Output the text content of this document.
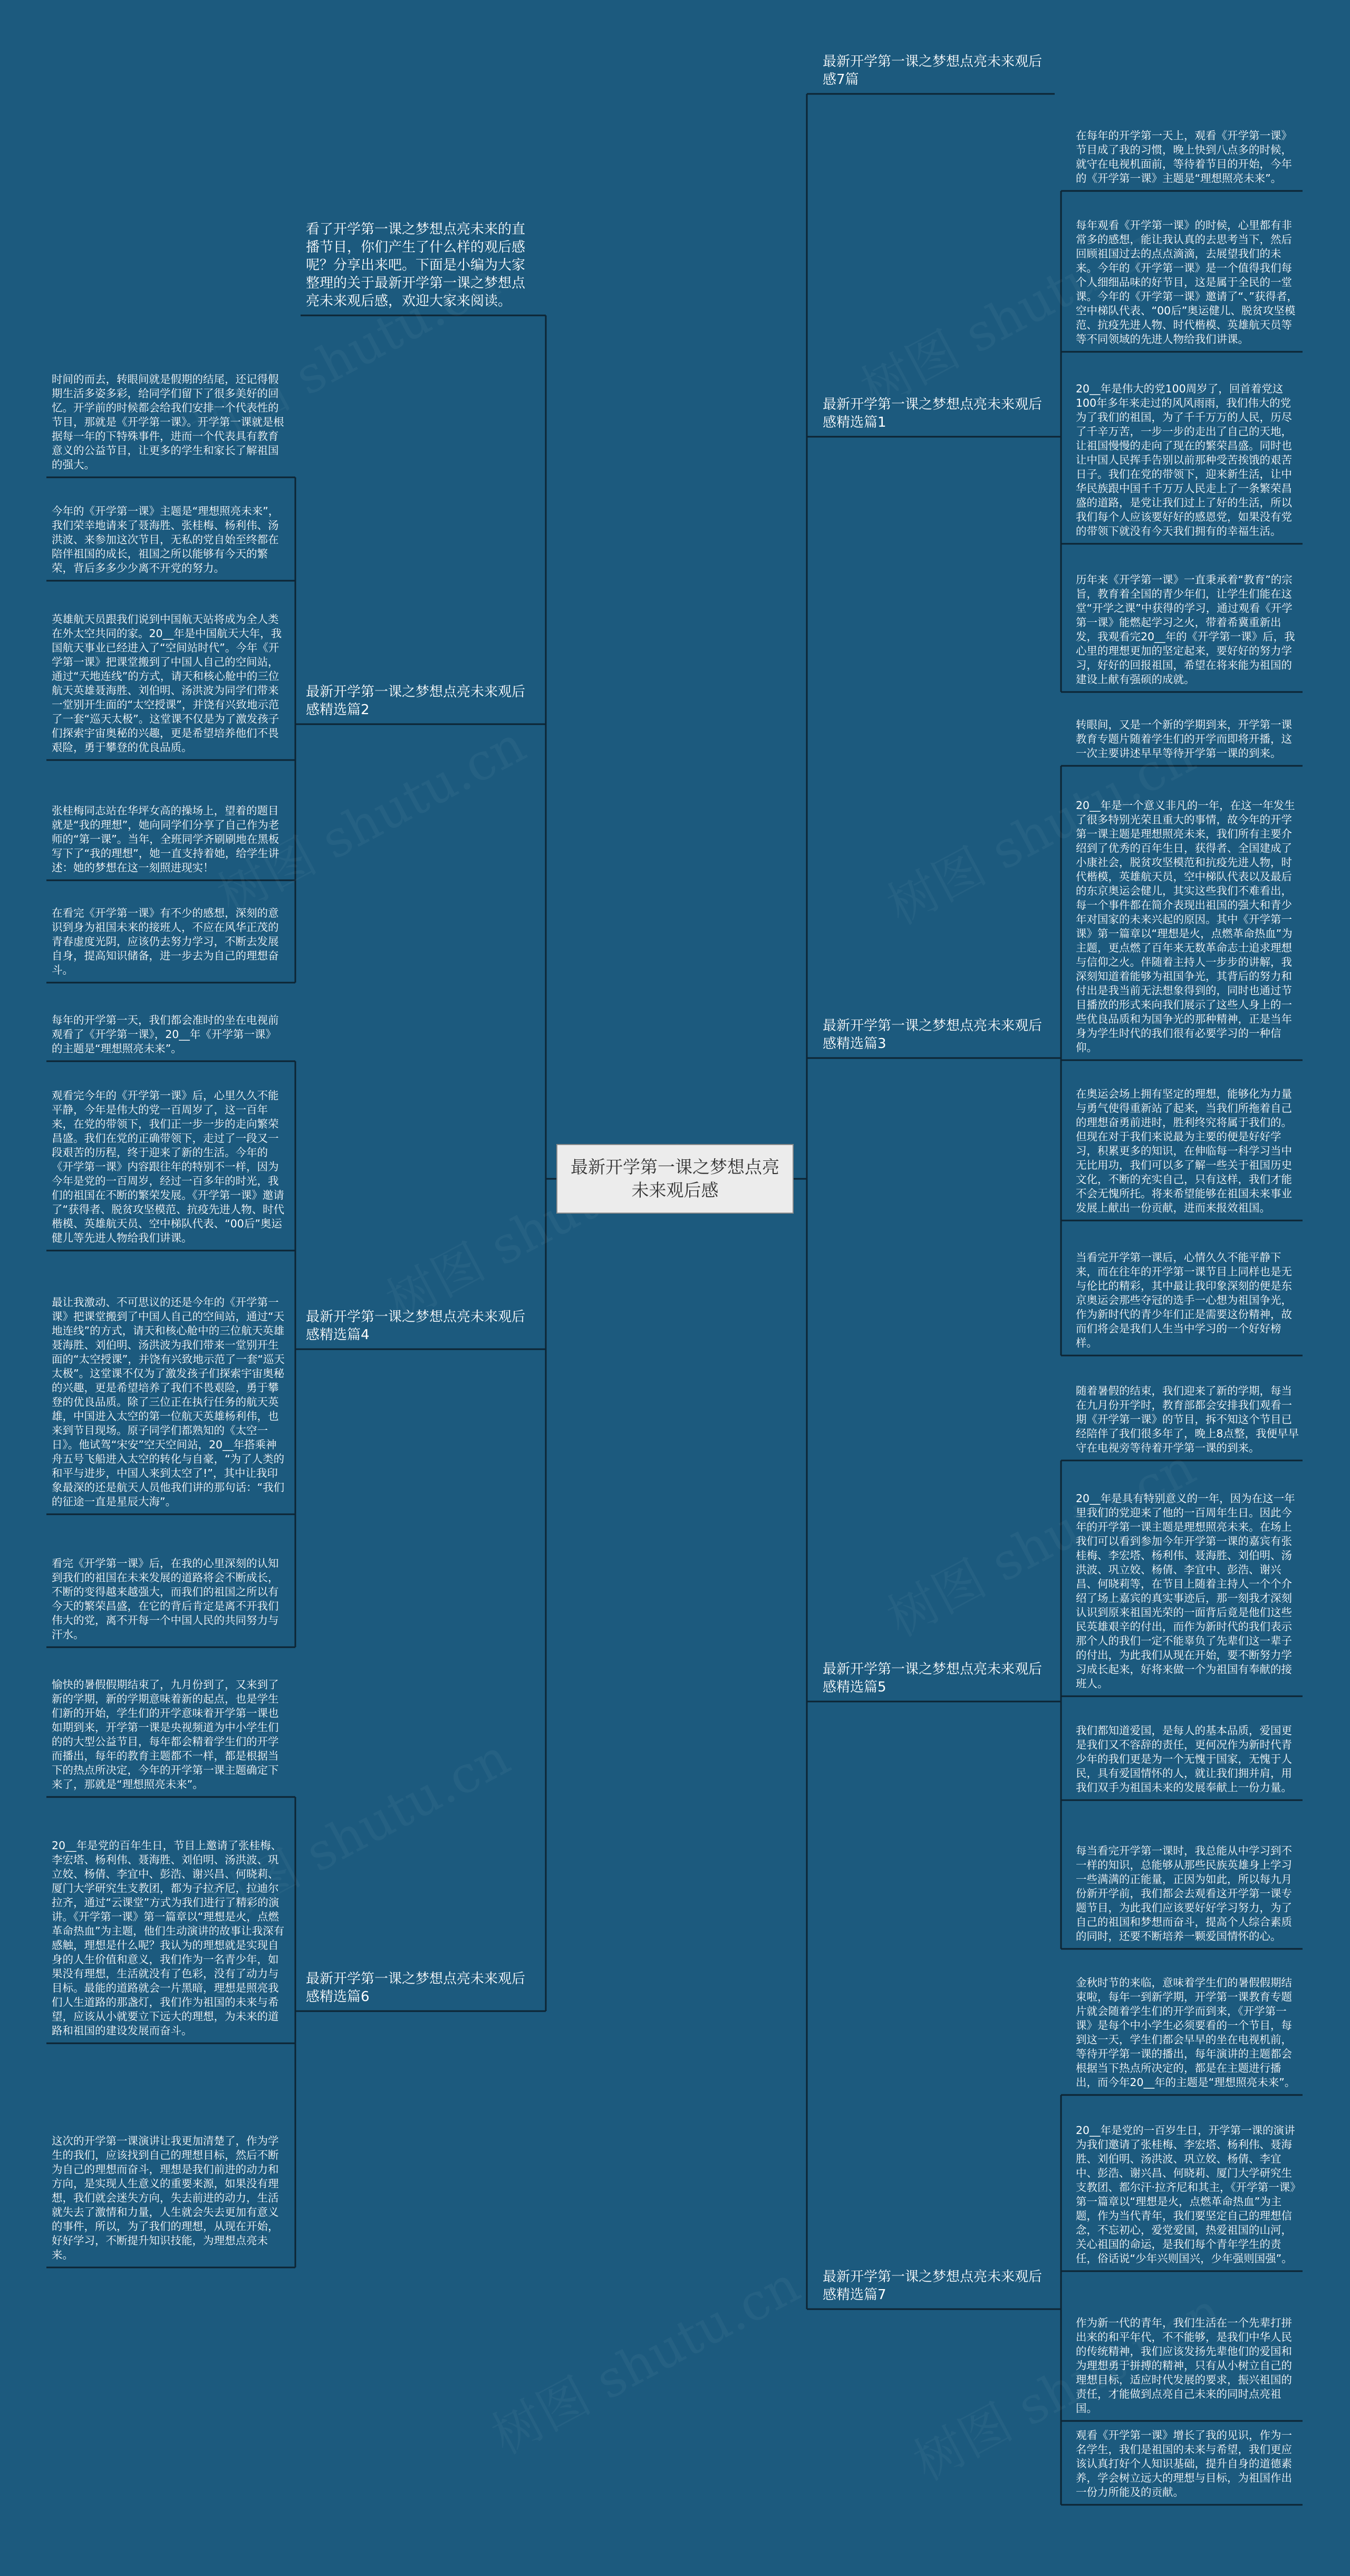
最新开学第一课之梦想点亮未来观后感
看了开学第一课之梦想点亮未来的直播节目，你们产生了什么样的观后感呢？分享出来吧。下面是小编为大家整理的关于最新开学第一课之梦想点亮未来观后感，欢迎大家来阅读。
最新开学第一课之梦想点亮未来观后感精选篇2
时间的而去，转眼间就是假期的结尾，还记得假期生活多姿多彩，给同学们留下了很多美好的回忆。开学前的时候都会给我们安排一个代表性的节目，那就是《开学第一课》。开学第一课就是根据每一年的下特殊事件，进而一个代表具有教育意义的公益节目，让更多的学生和家长了解祖国的强大。
今年的《开学第一课》主题是“理想照亮未来”，我们荣幸地请来了聂海胜、张桂梅、杨利伟、汤洪波、来参加这次节目，无私的党自始至终都在陪伴祖国的成长，祖国之所以能够有今天的繁荣，背后多多少少离不开党的努力。
英雄航天员跟我们说到中国航天站将成为全人类在外太空共同的家。20__年是中国航天大年，我国航天事业已经进入了“空间站时代”。今年《开学第一课》把课堂搬到了中国人自己的空间站，通过“天地连线”的方式，请天和核心舱中的三位航天英雄聂海胜、刘伯明、汤洪波为同学们带来一堂别开生面的“太空授课”，并饶有兴致地示范了一套“巡天太极”。这堂课不仅是为了激发孩子们探索宇宙奥秘的兴趣，更是希望培养他们不畏艰险，勇于攀登的优良品质。
张桂梅同志站在华坪女高的操场上，望着的题目就是“我的理想”，她向同学们分享了自己作为老师的“第一课”。当年，全班同学齐刷刷地在黑板写下了“我的理想”，她一直支持着她，给学生讲述：她的梦想在这一刻照进现实！
在看完《开学第一课》有不少的感想，深刻的意识到身为祖国未来的接班人，不应在风华正茂的青春虚度光阴，应该仍去努力学习，不断去发展自身，提高知识储备，进一步去为自己的理想奋斗。
最新开学第一课之梦想点亮未来观后感精选篇4
每年的开学第一天，我们都会准时的坐在电视前观看了《开学第一课》，20__年《开学第一课》的主题是“理想照亮未来”。
观看完今年的《开学第一课》后，心里久久不能平静，今年是伟大的党一百周岁了，这一百年来，在党的带领下，我们正一步一步的走向繁荣昌盛。我们在党的正确带领下，走过了一段又一段艰苦的历程，终于迎来了新的生活。今年的《开学第一课》内容跟往年的特别不一样，因为今年是党的一百周岁，经过一百多年的时光，我们的祖国在不断的繁荣发展。《开学第一课》邀请了“获得者、脱贫攻坚模范、抗疫先进人物、时代楷模、英雄航天员、空中梯队代表、“00后”奥运健儿等先进人物给我们讲课。
最让我激动、不可思议的还是今年的《开学第一课》把课堂搬到了中国人自己的空间站，通过“天地连线”的方式，请天和核心舱中的三位航天英雄聂海胜、刘伯明、汤洪波为我们带来一堂别开生面的“太空授课”，并饶有兴致地示范了一套“巡天太极”。这堂课不仅为了激发孩子们探索宇宙奥秘的兴趣，更是希望培养了我们不畏艰险，勇于攀登的优良品质。除了三位正在执行任务的航天英雄，中国进入太空的第一位航天英雄杨利伟，也来到节目现场。原子同学们都熟知的《太空一日》。他试驾“宋安”空天空间站，20__年搭乘神舟五号飞船进入太空的转化与自豪，“为了人类的和平与进步，中国人来到太空了!”，其中让我印象最深的还是航天人员他我们讲的那句话：“我们的征途一直是星辰大海”。
看完《开学第一课》后，在我的心里深刻的认知到我们的祖国在未来发展的道路将会不断成长，不断的变得越来越强大，而我们的祖国之所以有今天的繁荣昌盛，在它的背后肯定是离不开我们伟大的党，离不开每一个中国人民的共同努力与汗水。
最新开学第一课之梦想点亮未来观后感精选篇6
愉快的暑假假期结束了，九月份到了，又来到了新的学期，新的学期意味着新的起点，也是学生们新的开始，学生们的开学意味着开学第一课也如期到来，开学第一课是央视频道为中小学生们的的大型公益节目，每年都会精着学生们的开学而播出，每年的教育主题都不一样，都是根据当下的热点所决定，今年的开学第一课主题确定下来了，那就是“理想照亮未来”。
20__年是党的百年生日，节目上邀请了张桂梅、李宏塔、杨利伟、聂海胜、刘伯明、汤洪波、巩立姣、杨倩、李宜中、彭浩、谢兴昌、何晓莉、厦门大学研究生支教团，都为子拉齐尼，拉迪尔拉齐，通过“云课堂”方式为我们进行了精彩的演讲。《开学第一课》第一篇章以“理想是火，点燃革命热血”为主题，他们生动演讲的故事让我深有感触，理想是什么呢？我认为的理想就是实现自身的人生价值和意义，我们作为一名青少年，如果没有理想，生活就没有了色彩，没有了动力与目标。最能的道路就会一片黑暗，理想是照亮我们人生道路的那盏灯，我们作为祖国的未来与希望，应该从小就要立下远大的理想，为未来的道路和祖国的建设发展而奋斗。
这次的开学第一课演讲让我更加清楚了，作为学生的我们，应该找到自己的理想目标，然后不断为自己的理想而奋斗，理想是我们前进的动力和方向，是实现人生意义的重要来源，如果没有理想，我们就会迷失方向，失去前进的动力，生活就失去了激情和力量，人生就会失去更加有意义的事件，所以，为了我们的理想，从现在开始，好好学习，不断提升知识技能，为理想点亮未来。
最新开学第一课之梦想点亮未来观后感7篇
最新开学第一课之梦想点亮未来观后感精选篇1
在每年的开学第一天上，观看《开学第一课》节目成了我的习惯，晚上快到八点多的时候，就守在电视机面前，等待着节目的开始，今年的《开学第一课》主题是“理想照亮未来”。
每年观看《开学第一课》的时候，心里都有非常多的感想，能让我认真的去思考当下，然后回顾祖国过去的点点滴滴，去展望我们的未来。今年的《开学第一课》是一个值得我们每个人细细品味的好节目，这是属于全民的一堂课。今年的《开学第一课》邀请了“、”获得者，空中梯队代表、“00后”奥运健儿、脱贫攻坚模范、抗疫先进人物、时代楷模、英雄航天员等等不同领域的先进人物给我们讲课。
20__年是伟大的党100周岁了，回首着党这100年多年来走过的风风雨雨，我们伟大的党为了我们的祖国，为了千千万万的人民，历尽了千辛万苦，一步一步的走出了自己的天地，让祖国慢慢的走向了现在的繁荣昌盛。同时也让中国人民挥手告别以前那种受苦挨饿的艰苦日子。我们在党的带领下，迎来新生活，让中华民族跟中国千千万万人民走上了一条繁荣昌盛的道路，是党让我们过上了好的生活，所以我们每个人应该要好好的感恩党，如果没有党的带领下就没有今天我们拥有的幸福生活。
历年来《开学第一课》一直秉承着“教育”的宗旨，教育着全国的青少年们，让学生们能在这堂“开学之课”中获得的学习，通过观看《开学第一课》能燃起学习之火，带着希冀重新出发，我观看完20__年的《开学第一课》后，我心里的理想更加的坚定起来，要好好的努力学习，好好的回报祖国，希望在将来能为祖国的建设上献有强硕的成就。
最新开学第一课之梦想点亮未来观后感精选篇3
转眼间，又是一个新的学期到来，开学第一课教育专题片随着学生们的开学而即将开播，这一次主要讲述早早等待开学第一课的到来。
20__年是一个意义非凡的一年，在这一年发生了很多特别光荣且重大的事情，故今年的开学第一课主题是理想照亮未来，我们所有主要介绍到了优秀的百年生日，获得者、全国建成了小康社会，脱贫攻坚模范和抗疫先进人物，时代楷模，英雄航天员，空中梯队代表以及最后的东京奥运会健儿，其实这些我们不难看出，每一个事件都在简介表现出祖国的强大和青少年对国家的未来兴起的原因。其中《开学第一课》第一篇章以“理想是火，点燃革命热血”为主题，更点燃了百年来无数革命志士追求理想与信仰之火。伴随着主持人一步步的讲解，我深刻知道着能够为祖国争光，其背后的努力和付出是我当前无法想象得到的，同时也通过节目播放的形式来向我们展示了这些人身上的一些优良品质和为国争光的那种精神，正是当年身为学生时代的我们很有必要学习的一种信仰。
在奥运会场上拥有坚定的理想，能够化为力量与勇气使得重新站了起来，当我们所拖着自己的理想奋勇前进时，胜利终究将属于我们的。但现在对于我们来说最为主要的便是好好学习，积累更多的知识，在伸临每一科学习当中无比用功，我们可以多了解一些关于祖国历史文化，不断的充实自己，只有这样，我们才能不会无愧所托。将来希望能够在祖国未来事业发展上献出一份贡献，进而来报效祖国。
当看完开学第一课后，心情久久不能平静下来，而在往年的开学第一课节目上同样也是无与伦比的精彩，其中最让我印象深刻的便是东京奥运会那些夺冠的选手一心想为祖国争光，作为新时代的青少年们正是需要这份精神，故而们将会是我们人生当中学习的一个好好榜样。
最新开学第一课之梦想点亮未来观后感精选篇5
随着暑假的结束，我们迎来了新的学期，每当在九月份开学时，教育部都会安排我们观看一期《开学第一课》的节目，拆不知这个节目已经陪伴了我们很多年了，晚上8点整，我便早早守在电视旁等待着开学第一课的到来。
20__年是具有特别意义的一年，因为在这一年里我们的党迎来了他的一百周年生日。因此今年的开学第一课主题是理想照亮未来。在场上我们可以看到参加今年开学第一课的嘉宾有张桂梅、李宏塔、杨利伟、聂海胜、刘伯明、汤洪波、巩立姣、杨倩、李宜中、彭浩、谢兴昌、何晓莉等，在节目上随着主持人一个个介绍了场上嘉宾的真实事迹后，那一刻我才深刻认识到原来祖国光荣的一面背后竟是他们这些民英雄艰辛的付出，而作为新时代的我们表示那个人的我们一定不能辜负了先辈们这一辈子的付出，为此我们从现在开始，要不断努力学习成长起来，好将来做一个为祖国有奉献的接班人。
我们都知道爱国，是每人的基本品质，爱国更是我们又不容辞的责任，更何况作为新时代青少年的我们更是为一个无愧于国家，无愧于人民，具有爱国情怀的人，就让我们拥并肩，用我们双手为祖国未来的发展奉献上一份力量。
每当看完开学第一课时，我总能从中学习到不一样的知识，总能够从那些民族英雄身上学习一些满满的正能量，正因为如此，所以每九月份新开学前，我们都会去观看这开学第一课专题节目，为此我们应该要好好学习努力，为了自己的祖国和梦想而奋斗，提高个人综合素质的同时，还要不断培养一颗爱国情怀的心。
最新开学第一课之梦想点亮未来观后感精选篇7
金秋时节的来临，意味着学生们的暑假假期结束啦，每年一到新学期，开学第一课教育专题片就会随着学生们的开学而到来，《开学第一课》是每个中小学生必须要看的一个节目，每到这一天，学生们都会早早的坐在电视机前，等待开学第一课的播出，每年演讲的主题都会根据当下热点所决定的，都是在主题进行播出，而今年20__年的主题是“理想照亮未来”。
20__年是党的一百岁生日，开学第一课的演讲为我们邀请了张桂梅、李宏塔、杨利伟、聂海胜、刘伯明、汤洪波、巩立姣、杨倩、李宜中、彭浩、谢兴昌、何晓莉、厦门大学研究生支教团、都尔汗·拉齐尼和其主，《开学第一课》第一篇章以“理想是火，点燃革命热血”为主题，作为当代青年，我们要坚定自己的理想信念，不忘初心，爱党爱国，热爱祖国的山河，关心祖国的命运，是我们每个青年学生的责任，俗话说“少年兴则国兴，少年强则国强”。
作为新一代的青年，我们生活在一个先辈打拼出来的和平年代，不不能够，是我们中华人民的传统精神，我们应该发扬先辈他们的爱国和为理想勇于拼搏的精神，只有从小树立自己的理想目标，适应时代发展的要求，振兴祖国的责任，才能做到点亮自己未来的同时点亮祖国。
观看《开学第一课》增长了我的见识，作为一名学生，我们是祖国的未来与希望，我们更应该认真打好个人知识基础，提升自身的道德素养，学会树立远大的理想与目标，为祖国作出一份力所能及的贡献。
